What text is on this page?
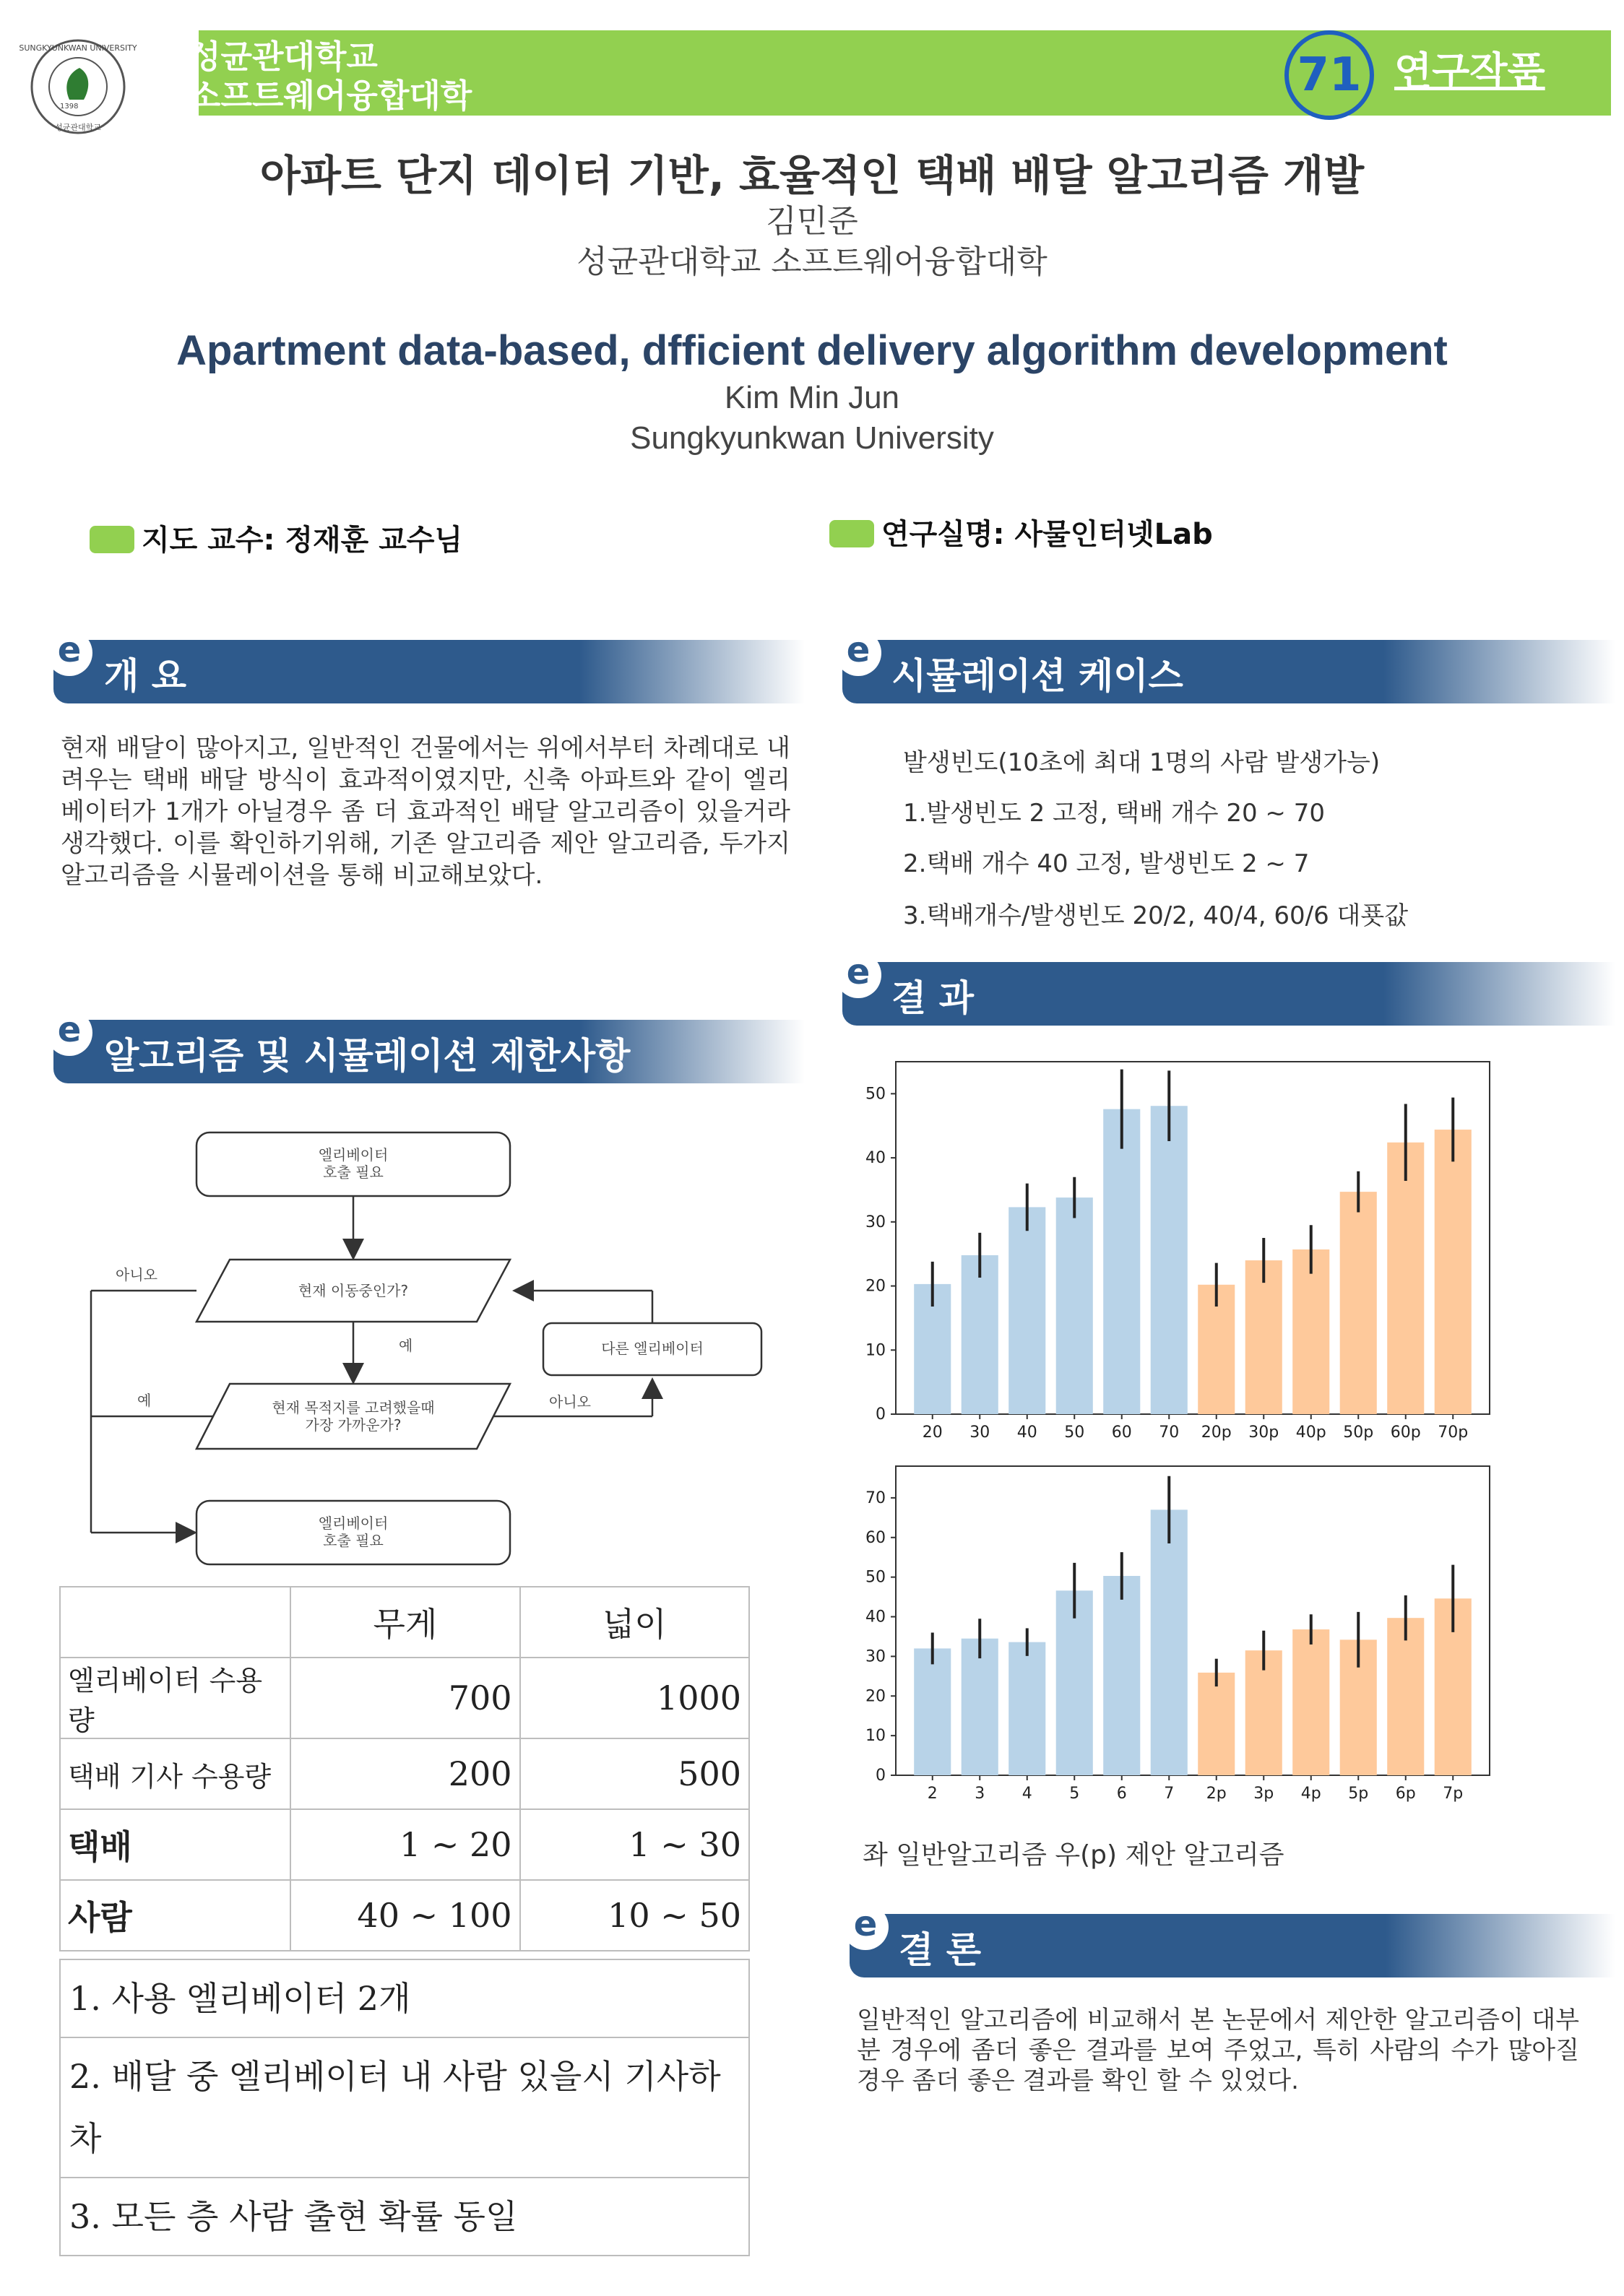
SUNGKYUNKWAN UNIVERSITY
1398
성균관대학교
성균관대학교
소프트웨어융합대학	71 연구작품
아파트 단지 데이터 기반, 효율적인 택배 배달 알고리즘 개발
김민준
성균관대학교 소프트웨어융합대학
Apartment data-based, dfficient delivery algorithm development
Kim Min Jun
Sungkyunkwan University
지도 교수: 정재훈 교수님	연구실명: 사물인터넷Lab
e
개 요
현재 배달이 많아지고, 일반적인 건물에서는 위에서부터 차례대로 내려우는 택배 배달 방식이 효과적이였지만, 신축 아파트와 같이 엘리베이터가 1개가 아닐경우 좀 더 효과적인 배달 알고리즘이 있을거라 생각했다. 이를 확인하기위해, 기존 알고리즘 제안 알고리즘, 두가지 알고리즘을 시뮬레이션을 통해 비교해보았다.
e
알고리즘 및 시뮬레이션 제한사항
엘리베이터
호출 필요
현재 이동중인가?
예
아니오
다른 엘리베이터
현재 목적지를 고려했을때
가장 가까운가?
아니오
예
엘리베이터
호출 필요
	무게	넓이
엘리베이터 수용량	700	1000
택배 기사 수용량	200	500
택배	1 ~ 20	1 ~ 30
사람	40 ~ 100	10 ~ 50
1. 사용 엘리베이터 2개
2. 배달 중 엘리베이터 내 사람 있을시 기사하차
3. 모든 층 사람 출현 확률 동일
e
시뮬레이션 케이스
발생빈도(10초에 최대 1명의 사람 발생가능)
1.발생빈도 2 고정, 택배 개수 20 ~ 70
2.택배 개수 40 고정, 발생빈도 2 ~ 7
3.택배개수/발생빈도 20/2, 40/4, 60/6 대푯값
e
결 과
0
10
20
30
40
50
20 30 40 50 60 70 20p 30p 40p 50p 60p 70p
0
10
20
30
40
50
60
70
2 3 4 5 6 7 2p 3p 4p 5p 6p 7p
좌 일반알고리즘 우(p) 제안 알고리즘
e
결 론
일반적인 알고리즘에 비교해서 본 논문에서 제안한 알고리즘이 대부분 경우에 좀더 좋은 결과를 보여 주었고, 특히 사람의 수가 많아질 경우 좀더 좋은 결과를 확인 할 수 있었다.
